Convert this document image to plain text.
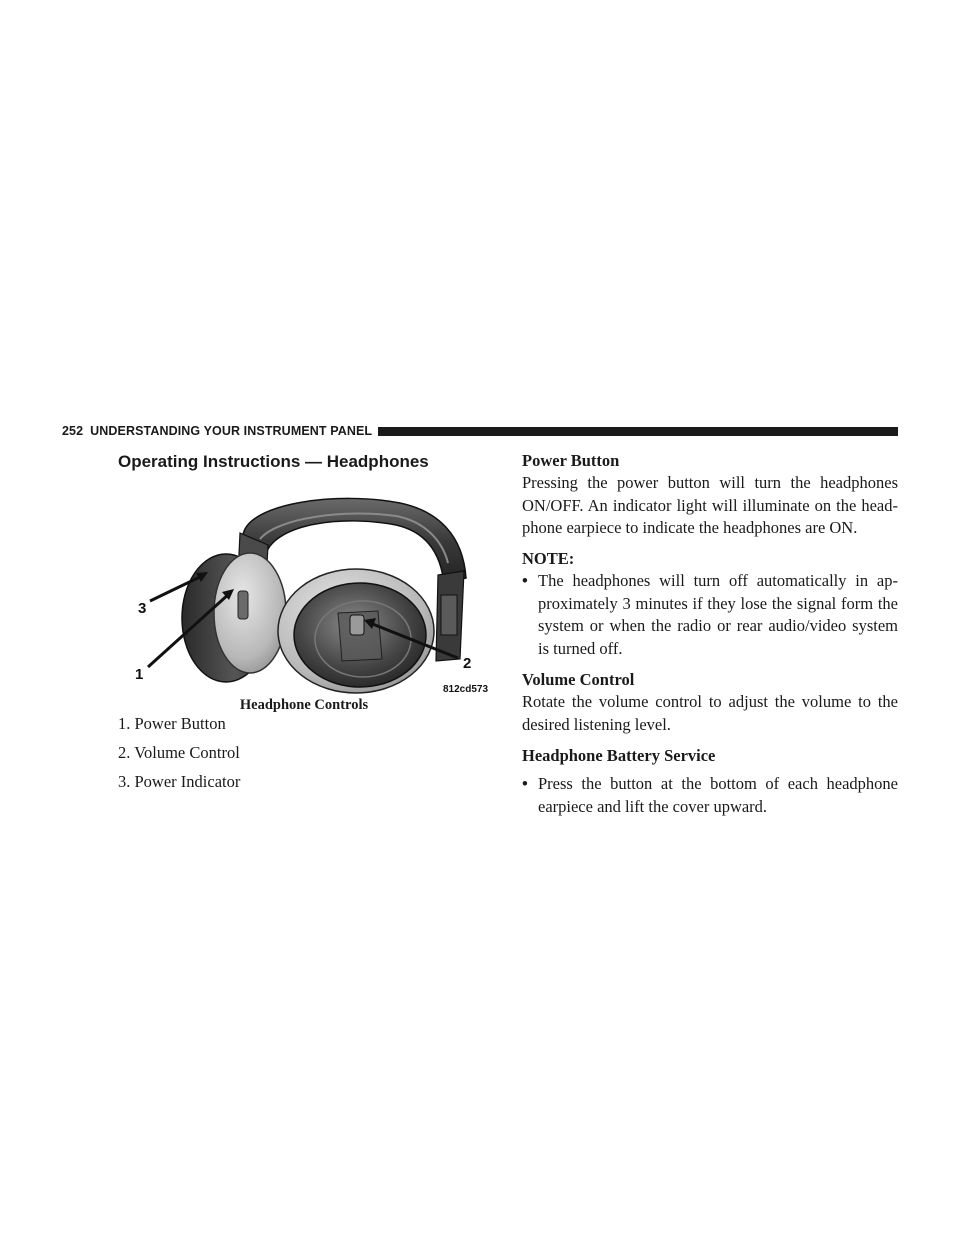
252 UNDERSTANDING YOUR INSTRUMENT PANEL
Operating Instructions — Headphones
3
1
2
812cd573
Headphone Controls
1. Power Button
2. Volume Control
3. Power Indicator
Power Button

Pressing the power button will turn the headphones ON/OFF. An indicator light will illuminate on the head-phone earpiece to indicate the headphones are ON.

NOTE:

• The headphones will turn off automatically in ap-proximately 3 minutes if they lose the signal form the system or when the radio or rear audio/video system is turned off.
Volume Control

Rotate the volume control to adjust the volume to the desired listening level.

Headphone Battery Service
• Press the button at the bottom of each headphone earpiece and lift the cover upward.
